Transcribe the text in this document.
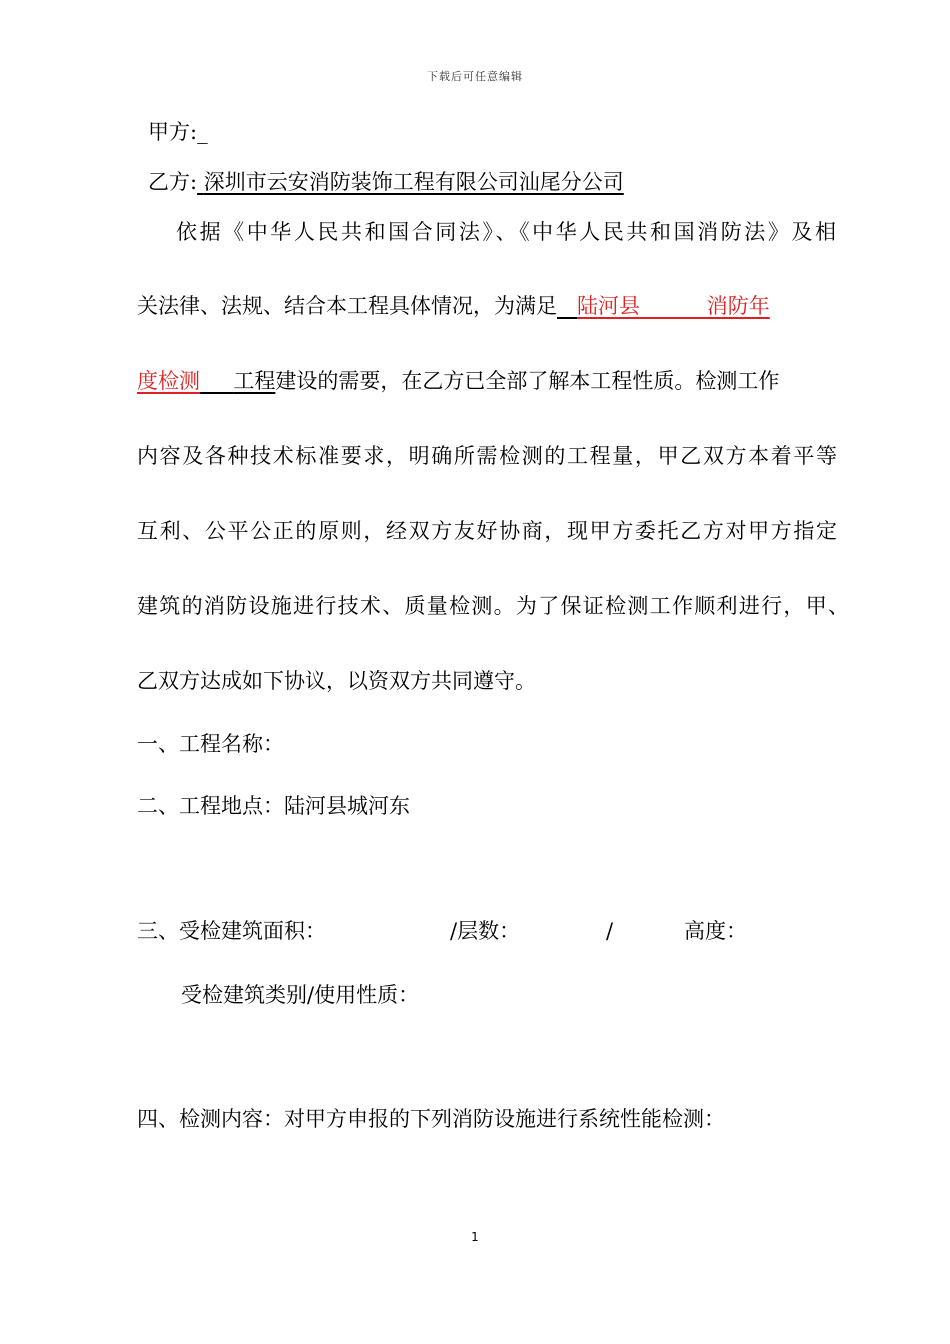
下载后可任意编辑
甲方:_
乙方: 深圳市云安消防装饰工程有限公司汕尾分公司
依据《中华人民共和国合同法》、《中华人民共和国消防法》及相
关法律、法规、结合本工程具体情况，为满足 陆河县          消防年
度检测 工程建设的需要，在乙方已全部了解本工程性质。检测工作
内容及各种技术标准要求，明确所需检测的工程量，甲乙双方本着平等
互利、公平公正的原则，经双方友好协商，现甲方委托乙方对甲方指定
建筑的消防设施进行技术、质量检测。为了保证检测工作顺利进行，甲、
乙双方达成如下协议，以资双方共同遵守。
一、工程名称：
二、工程地点：陆河县城河东
三、受检建筑面积：	/层数：	/	高度：
受检建筑类别/使用性质：
四、检测内容：对甲方申报的下列消防设施进行系统性能检测：
1
